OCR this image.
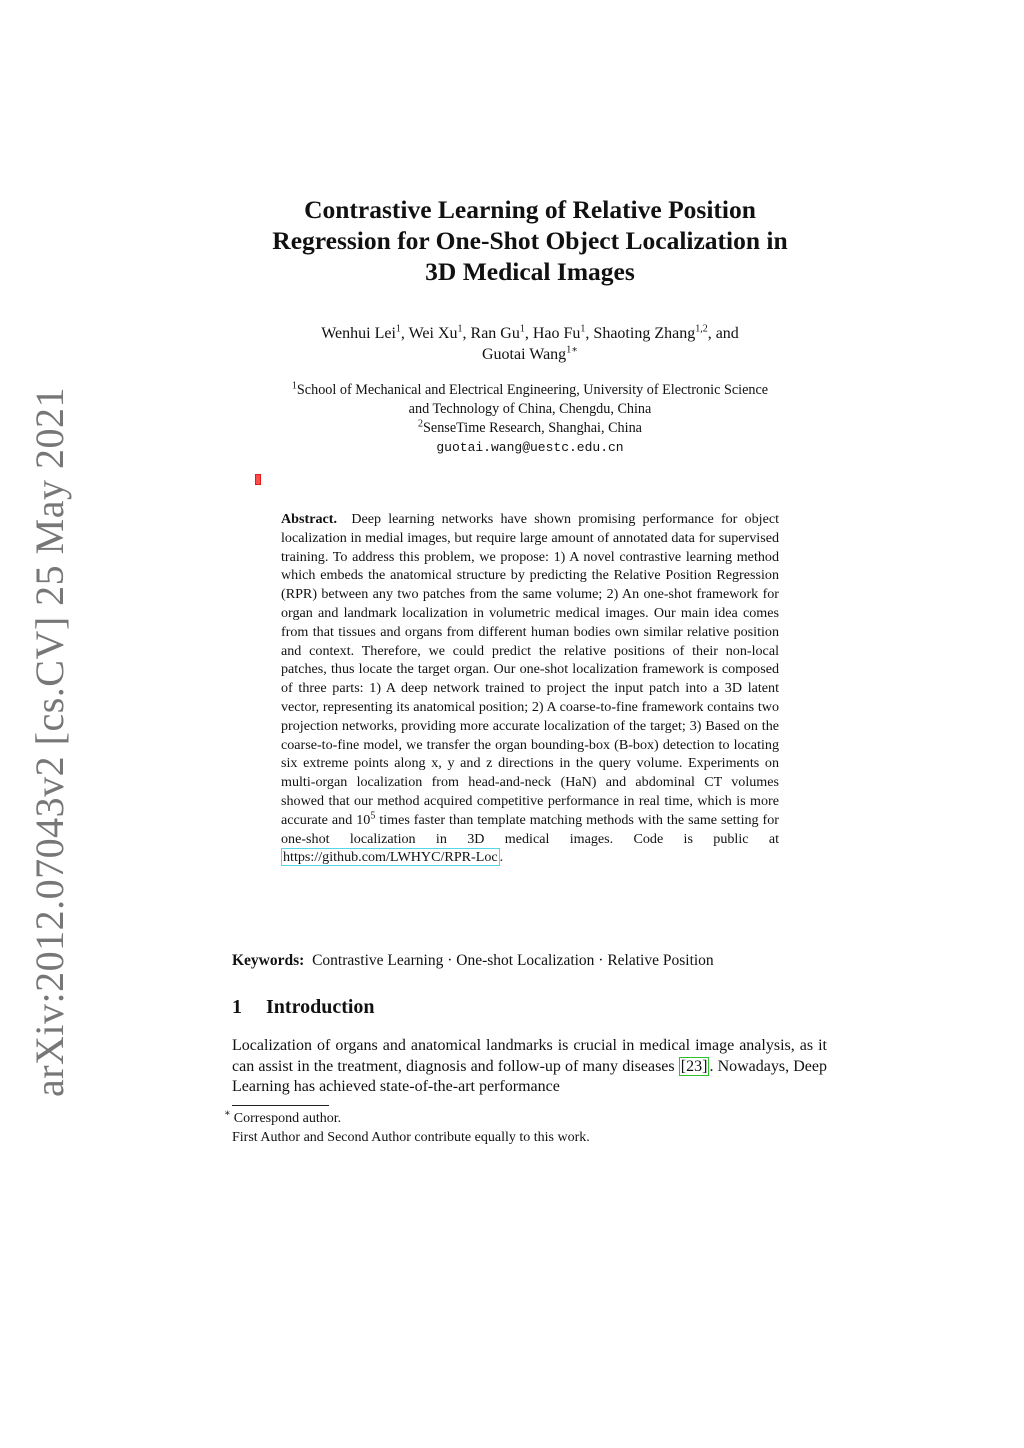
arXiv:2012.07043v2 [cs.CV] 25 May 2021
Contrastive Learning of Relative Position
Regression for One-Shot Object Localization in
3D Medical Images
Wenhui Lei$^1$, Wei Xu$^1$, Ran Gu$^1$, Hao Fu$^1$, Shaoting Zhang$^{1,2}$, and
Guotai Wang$^{1∗}$
$^1$School of Mechanical and Electrical Engineering, University of Electronic Science
and Technology of China, Chengdu, China
$^2$SenseTime Research, Shanghai, China
guotai.wang@uestc.edu.cn

Abstract. Deep learning networks have shown promising performance for object localization in medial images, but require large amount of annotated data for supervised training. To address this problem, we propose: 1) A novel contrastive learning method which embeds the anatomical structure by predicting the Relative Position Regression (RPR) between any two patches from the same volume; 2) An one-shot framework for organ and landmark localization in volumetric medical images. Our main idea comes from that tissues and organs from different human bodies own similar relative position and context. Therefore, we could predict the relative positions of their non-local patches, thus locate the target organ. Our one-shot localization framework is composed of three parts: 1) A deep network trained to project the input patch into a 3D latent vector, representing its anatomical position; 2) A coarse-to-fine framework contains two projection networks, providing more accurate localization of the target; 3) Based on the coarse-to-fine model, we transfer the organ bounding-box (B-box) detection to locating six extreme points along x, y and z directions in the query volume. Experiments on multi-organ localization from head-and-neck (HaN) and abdominal CT volumes showed that our method acquired competitive performance in real time, which is more accurate and $10^5$ times faster than template matching methods with the same setting for one-shot localization in 3D medical images. Code is public at https://github.com/LWHYC/RPR-Loc .

Keywords: Contrastive Learning · One-shot Localization · Relative Position

1 Introduction

Localization of organs and anatomical landmarks is crucial in medical image analysis, as it can assist in the treatment, diagnosis and follow-up of many diseases [23] . Nowadays, Deep Learning has achieved state-of-the-art performance

∗ Correspond author.
First Author and Second Author contribute equally to this work.
